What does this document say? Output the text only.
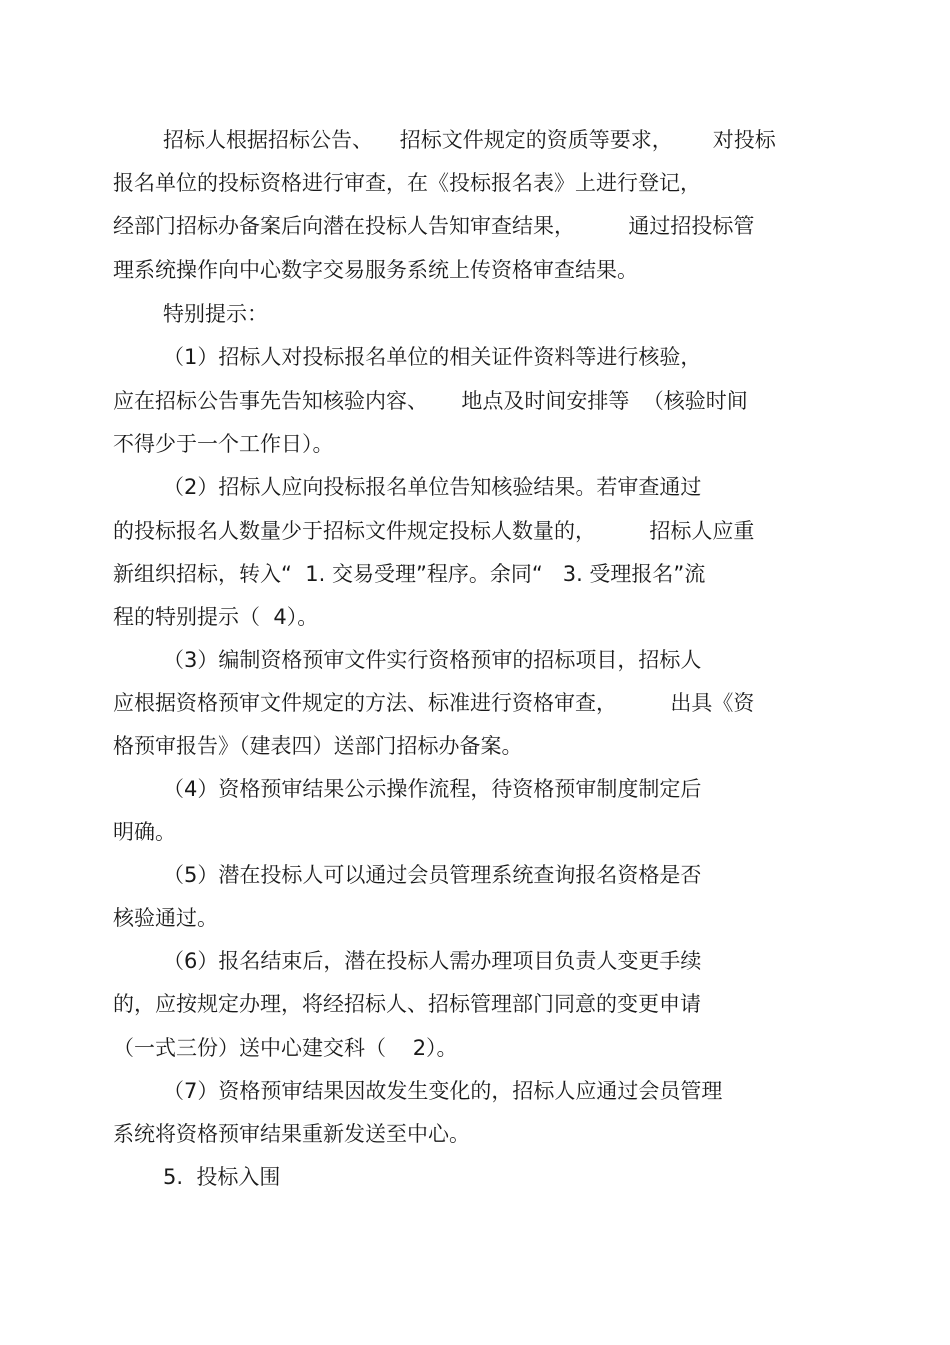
招标人根据招标公告、    招标文件规定的资质等要求，      对投标

报名单位的投标资格进行审查，在《投标报名表》上进行登记，

经部门招标办备案后向潜在投标人告知审查结果，        通过招投标管

理系统操作向中心数字交易服务系统上传资格审查结果。

特别提示：

（1）招标人对投标报名单位的相关证件资料等进行核验，

应在招标公告事先告知核验内容、     地点及时间安排等  （核验时间

不得少于一个工作日）。

（2）招标人应向投标报名单位告知核验结果。若审查通过

的投标报名人数量少于招标文件规定投标人数量的，        招标人应重

新组织招标，转入“  1. 交易受理”程序。余同“   3. 受理报名”流

程的特别提示（  4）。

（3）编制资格预审文件实行资格预审的招标项目，招标人

应根据资格预审文件规定的方法、标准进行资格审查，        出具《资

格预审报告》（建表四）送部门招标办备案。

（4）资格预审结果公示操作流程，待资格预审制度制定后

明确。

（5）潜在投标人可以通过会员管理系统查询报名资格是否

核验通过。

（6）报名结束后，潜在投标人需办理项目负责人变更手续

的，应按规定办理，将经招标人、招标管理部门同意的变更申请

（一式三份）送中心建交科（    2）。

（7）资格预审结果因故发生变化的，招标人应通过会员管理

系统将资格预审结果重新发送至中心。

5.  投标入围
